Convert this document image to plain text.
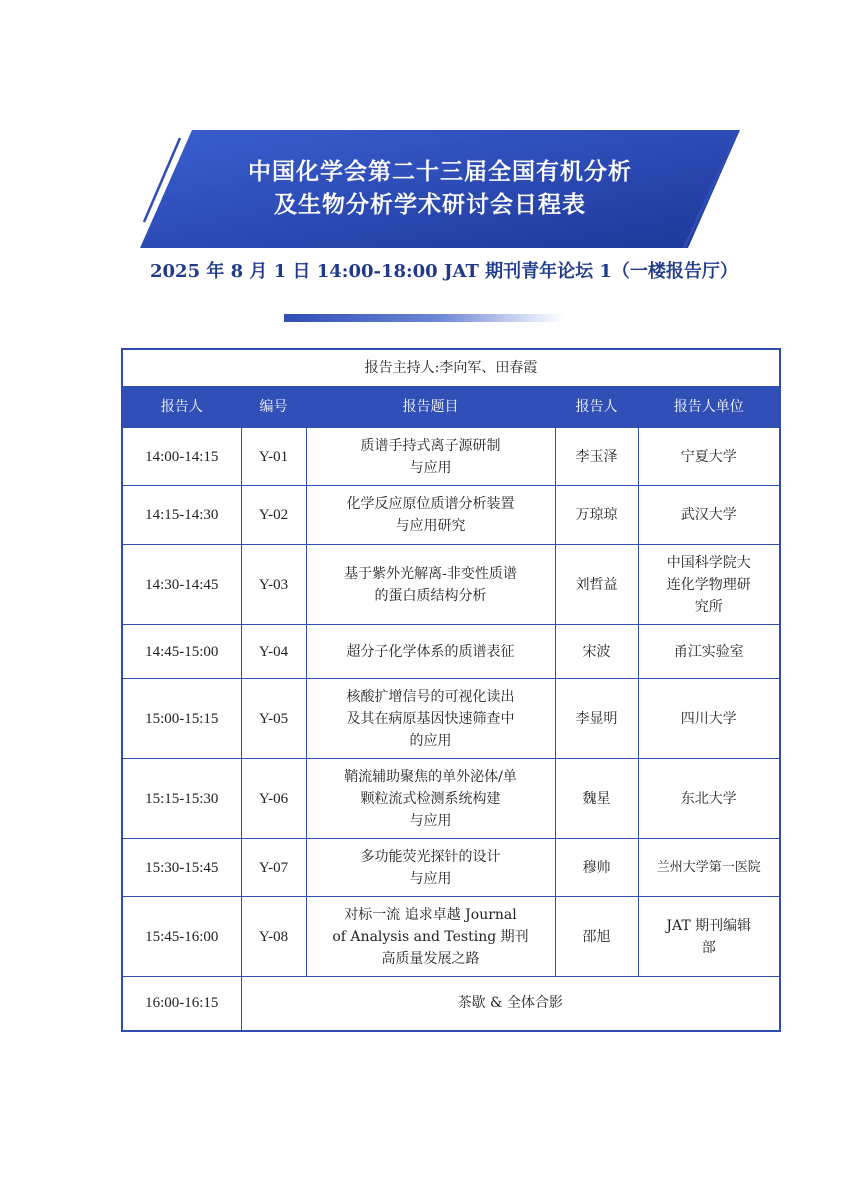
中国化学会第二十三届全国有机分析
及生物分析学术研讨会日程表
2025 年 8 月 1 日 14:00-18:00 JAT 期刊青年论坛 1（一楼报告厅）
报告主持人:李向军、田春霞				
报告人	编号	报告题目	报告人	报告人单位
14:00-14:15	Y-01	质谱手持式离子源研制
与应用	李玉泽	宁夏大学

14:15-14:30	Y-02	化学反应原位质谱分析装置
与应用研究	万琼琼	武汉大学

14:30-14:45	Y-03	基于紫外光解离-非变性质谱
的蛋白质结构分析	刘哲益	中国科学院大
连化学物理研
究所

14:45-15:00	Y-04	超分子化学体系的质谱表征	宋波	甬江实验室

15:00-15:15	Y-05	核酸扩增信号的可视化读出
及其在病原基因快速筛查中
的应用	李显明	四川大学

15:15-15:30	Y-06	鞘流辅助聚焦的单外泌体/单
颗粒流式检测系统构建
与应用	魏星	东北大学

15:30-15:45	Y-07	多功能荧光探针的设计
与应用	穆帅	兰州大学第一医院

15:45-16:00	Y-08	对标一流 追求卓越 Journal
of Analysis and Testing 期刊
高质量发展之路	邵旭	JAT 期刊编辑
部

16:00-16:15	茶歇 & 全体合影			
